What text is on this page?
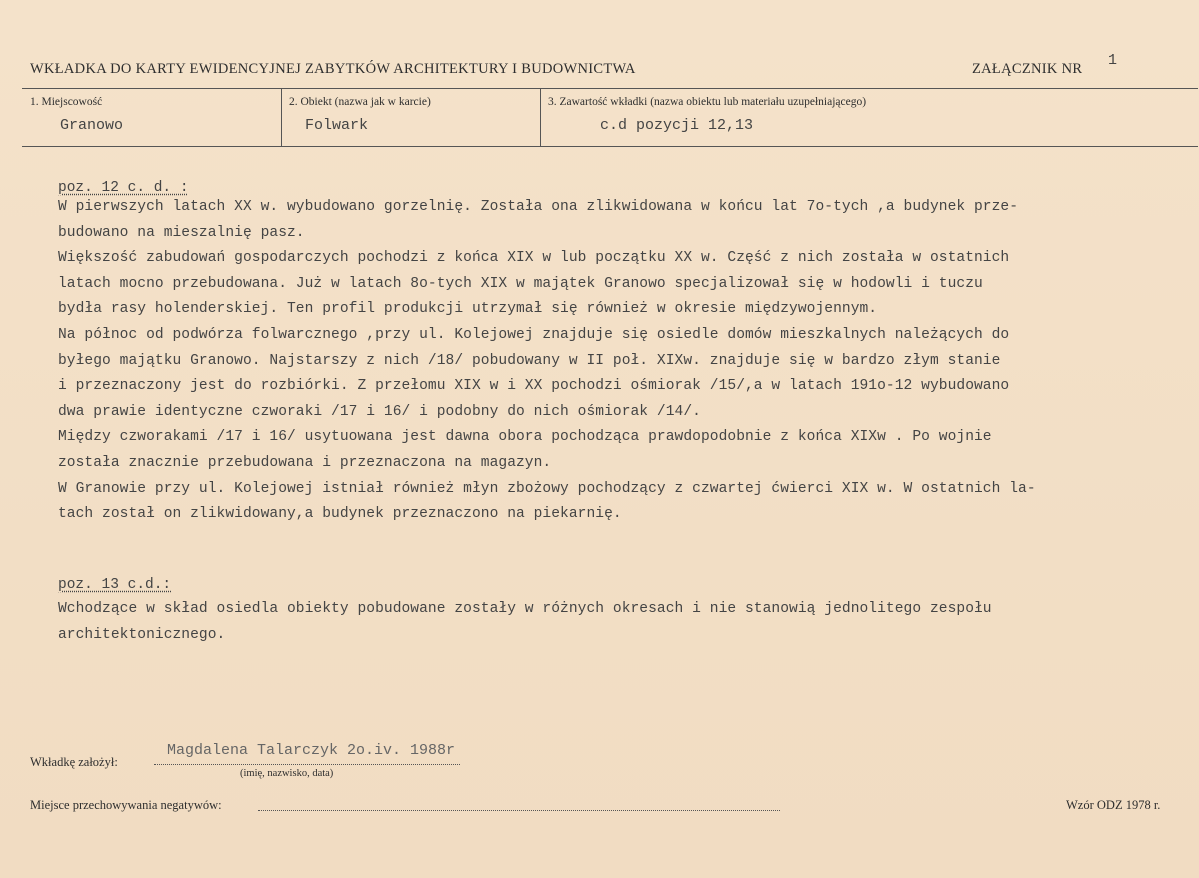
WKŁADKA DO KARTY EWIDENCYJNEJ ZABYTKÓW ARCHITEKTURY I BUDOWNICTWA	ZAŁĄCZNIK NR 1
1. Miejscowość
Granowo
2. Obiekt (nazwa jak w karcie)
Folwark
3. Zawartość wkładki (nazwa obiektu lub materiału uzupełniającego)
c.d pozycji 12,13
poz. 12 c. d. :
W pierwszych latach XX w. wybudowano gorzelnię. Została ona zlikwidowana w końcu lat 7o-tych ,a budynek prze-
budowano na mieszalnię pasz.
Większość zabudowań gospodarczych pochodzi z końca XIX w lub początku XX w. Część z nich została w ostatnich
latach mocno przebudowana. Już w latach 8o-tych XIX w majątek Granowo specjalizował się w hodowli i tuczu
bydła rasy holenderskiej. Ten profil produkcji utrzymał się również w okresie międzywojennym.
Na północ od podwórza folwarcznego ,przy ul. Kolejowej znajduje się osiedle domów mieszkalnych należących do
byłego majątku Granowo. Najstarszy z nich /18/ pobudowany w II poł. XIXw. znajduje się w bardzo złym stanie
i przeznaczony jest do rozbiórki. Z przełomu XIX w i XX pochodzi ośmiorak /15/,a w latach 191o-12 wybudowano
dwa prawie identyczne czworaki /17 i 16/ i podobny do nich ośmiorak /14/.
Między czworakami /17 i 16/ usytuowana jest dawna obora pochodząca prawdopodobnie z końca XIXw . Po wojnie
została znacznie przebudowana i przeznaczona na magazyn.
W Granowie przy ul. Kolejowej istniał również młyn zbożowy pochodzący z czwartej ćwierci XIX w. W ostatnich la-
tach został on zlikwidowany,a budynek przeznaczono na piekarnię.
poz. 13 c.d.:
Wchodzące w skład osiedla obiekty pobudowane zostały w różnych okresach i nie stanowią jednolitego zespołu
architektonicznego.
Wkładkę założył:
Magdalena Talarczyk 2o.iv. 1988r
(imię, nazwisko, data)
Miejsce przechowywania negatywów:	Wzór ODZ 1978 r.
